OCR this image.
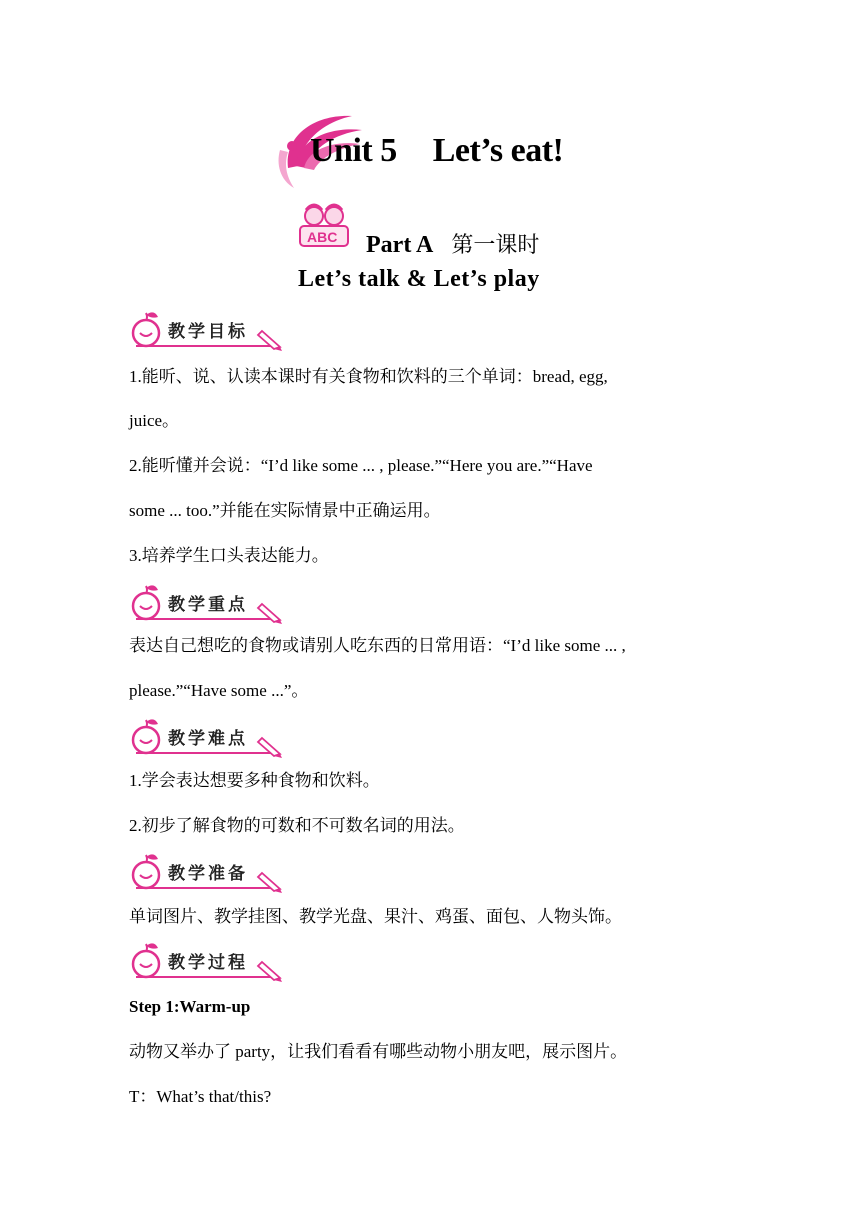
ABC
Unit 5 Let’s eat!
Part A 第一课时
Let’s talk & Let’s play
教学目标
1.能听、说、认读本课时有关食物和饮料的三个单词：bread, egg,
juice。
2.能听懂并会说：“I’d like some ... , please.”“Here you are.”“Have
some ... too.”并能在实际情景中正确运用。
3.培养学生口头表达能力。
教学重点
表达自己想吃的食物或请别人吃东西的日常用语：“I’d like some ... ,
please.”“Have some ...”。
教学难点
1.学会表达想要多种食物和饮料。
2.初步了解食物的可数和不可数名词的用法。
教学准备
单词图片、教学挂图、教学光盘、果汁、鸡蛋、面包、人物头饰。
教学过程
Step 1:Warm-up
动物又举办了 party，让我们看看有哪些动物小朋友吧，展示图片。
T：What’s that/this?
